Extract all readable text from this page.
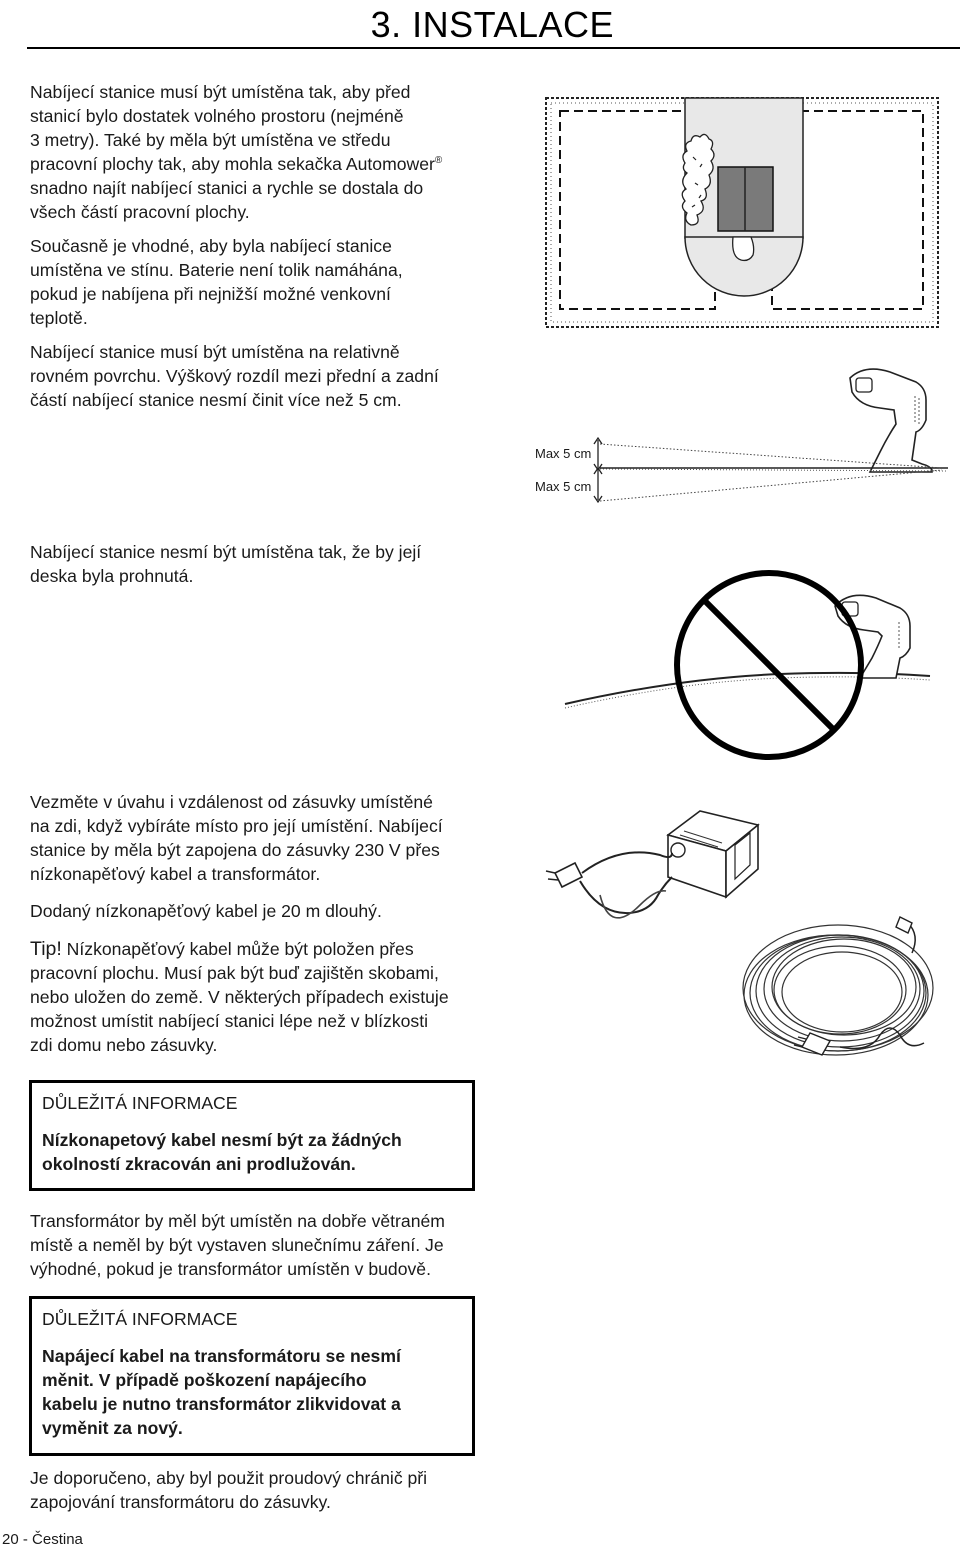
3. INSTALACE
Nabíjecí stanice musí být umístěna tak, aby před
stanicí bylo dostatek volného prostoru (nejméně
3 metry). Také by měla být umístěna ve středu
pracovní plochy tak, aby mohla sekačka Automower®
snadno najít nabíjecí stanici a rychle se dostala do
všech částí pracovní plochy.
Současně je vhodné, aby byla nabíjecí stanice
umístěna ve stínu. Baterie není tolik namáhána,
pokud je nabíjena při nejnižší možné venkovní
teplotě.
Nabíjecí stanice musí být umístěna na relativně
rovném povrchu. Výškový rozdíl mezi přední a zadní
částí nabíjecí stanice nesmí činit více než 5 cm.
Nabíjecí stanice nesmí být umístěna tak, že by její
deska byla prohnutá.
Vezměte v úvahu i vzdálenost od zásuvky umístěné
na zdi, když vybíráte místo pro její umístění. Nabíjecí
stanice by měla být zapojena do zásuvky 230 V přes
nízkonapěťový kabel a transformátor.
Dodaný nízkonapěťový kabel je 20 m dlouhý.
Tip! Nízkonapěťový kabel může být položen přes
pracovní plochu. Musí pak být buď zajištěn skobami,
nebo uložen do země. V některých případech existuje
možnost umístit nabíjecí stanici lépe než v blízkosti
zdi domu nebo zásuvky.
DŮLEŽITÁ INFORMACE
Nízkonapetový kabel nesmí být za žádných
okolností zkracován ani prodlužován.
Transformátor by měl být umístěn na dobře větraném
místě a neměl by být vystaven slunečnímu záření. Je
výhodné, pokud je transformátor umístěn v budově.
DŮLEŽITÁ INFORMACE
Napájecí kabel na transformátoru se nesmí
měnit. V případě poškození napájecího
kabelu je nutno transformátor zlikvidovat a
vyměnit za nový.
Je doporučeno, aby byl použit proudový chránič při
zapojování transformátoru do zásuvky.
20 - Čestina
Max 5 cm
Max 5 cm
